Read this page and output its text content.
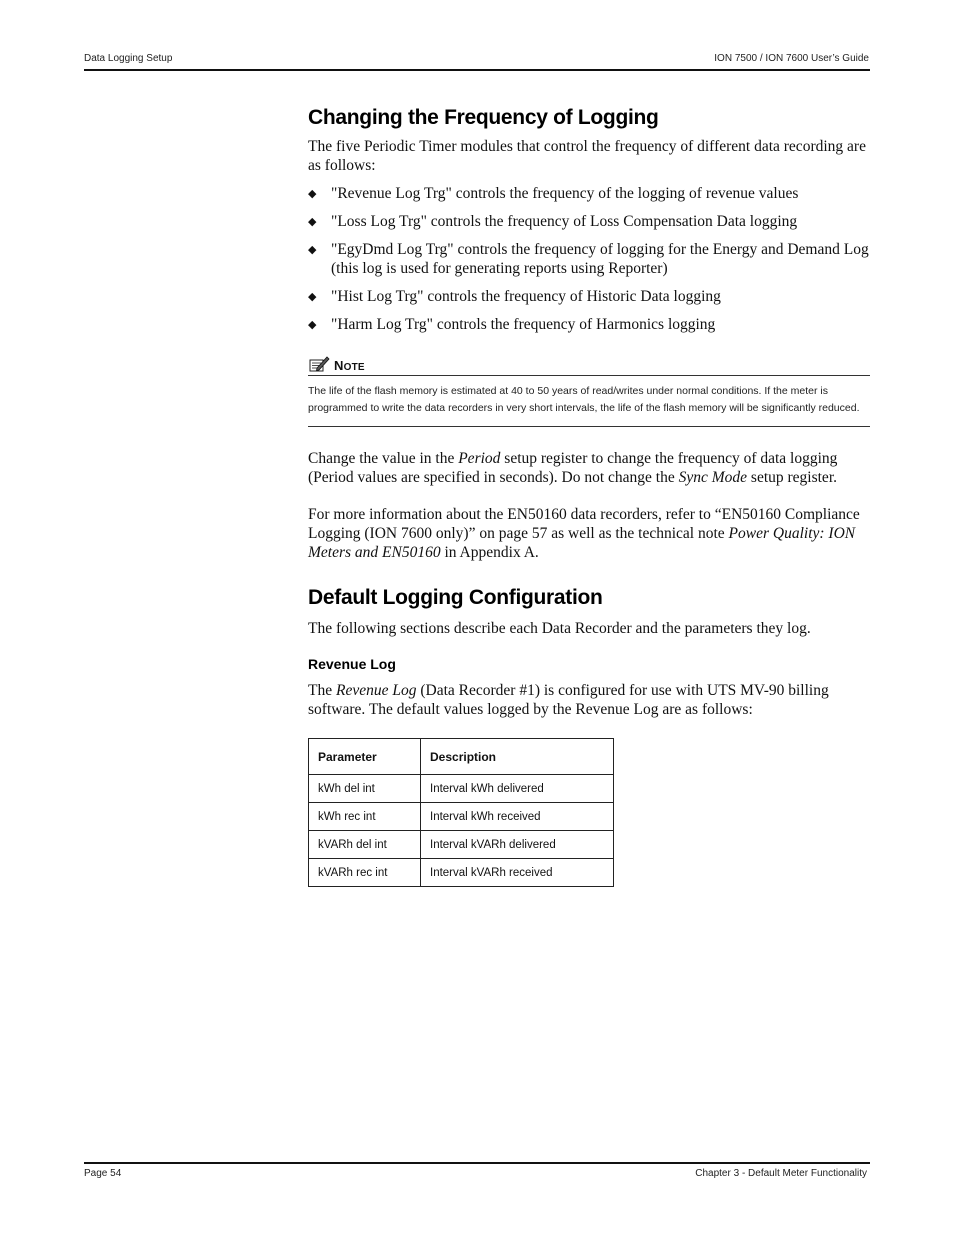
Data Logging Setup	ION 7500 / ION 7600 User’s Guide
Changing the Frequency of Logging

The five Periodic Timer modules that control the frequency of different data recording are as follows:

◆ "Revenue Log Trg" controls the frequency of the logging of revenue values
◆ "Loss Log Trg" controls the frequency of Loss Compensation Data logging
◆ "EgyDmd Log Trg" controls the frequency of logging for the Energy and Demand Log (this log is used for generating reports using Reporter)
◆ "Hist Log Trg" controls the frequency of Historic Data logging
◆ "Harm Log Trg" controls the frequency of Harmonics logging
NOTE
The life of the flash memory is estimated at 40 to 50 years of read/writes under normal conditions. If the meter is programmed to write the data recorders in very short intervals, the life of the flash memory will be significantly reduced.

Change the value in the Period setup register to change the frequency of data logging (Period values are specified in seconds). Do not change the Sync Mode setup register.

For more information about the EN50160 data recorders, refer to “EN50160 Compliance Logging (ION 7600 only)” on page 57 as well as the technical note Power Quality: ION Meters and EN50160 in Appendix A.

Default Logging Configuration

The following sections describe each Data Recorder and the parameters they log.

Revenue Log

The Revenue Log (Data Recorder #1) is configured for use with UTS MV-90 billing software. The default values logged by the Revenue Log are as follows:

Parameter	Description
kWh del int	Interval kWh delivered
kWh rec int	Interval kWh received
kVARh del int	Interval kVARh delivered
kVARh rec int	Interval kVARh received
Page 54	Chapter 3 - Default Meter Functionality
